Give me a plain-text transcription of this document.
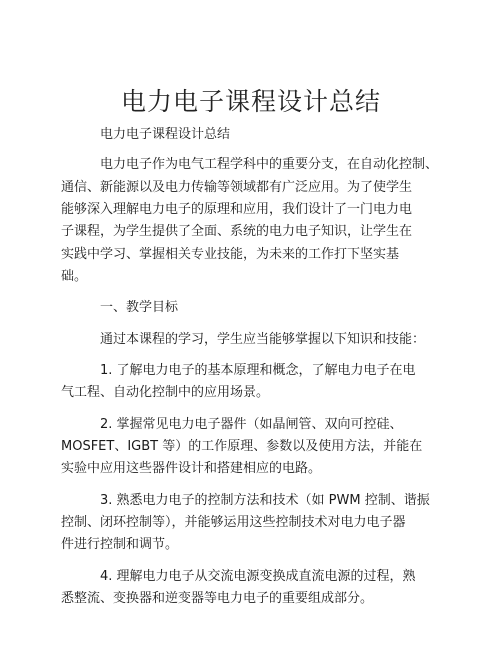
电力电子课程设计总结
电力电子课程设计总结
电力电子作为电气工程学科中的重要分支，在自动化控制、
通信、新能源以及电力传输等领域都有广泛应用。为了使学生
能够深入理解电力电子的原理和应用，我们设计了一门电力电
子课程，为学生提供了全面、系统的电力电子知识，让学生在
实践中学习、掌握相关专业技能，为未来的工作打下坚实基
础。
一、教学目标
通过本课程的学习，学生应当能够掌握以下知识和技能：
1. 了解电力电子的基本原理和概念，了解电力电子在电
气工程、自动化控制中的应用场景。
2. 掌握常见电力电子器件（如晶闸管、双向可控硅、
MOSFET、IGBT 等）的工作原理、参数以及使用方法，并能在
实验中应用这些器件设计和搭建相应的电路。
3. 熟悉电力电子的控制方法和技术（如 PWM 控制、谐振
控制、闭环控制等），并能够运用这些控制技术对电力电子器
件进行控制和调节。
4. 理解电力电子从交流电源变换成直流电源的过程，熟
悉整流、变换器和逆变器等电力电子的重要组成部分。
